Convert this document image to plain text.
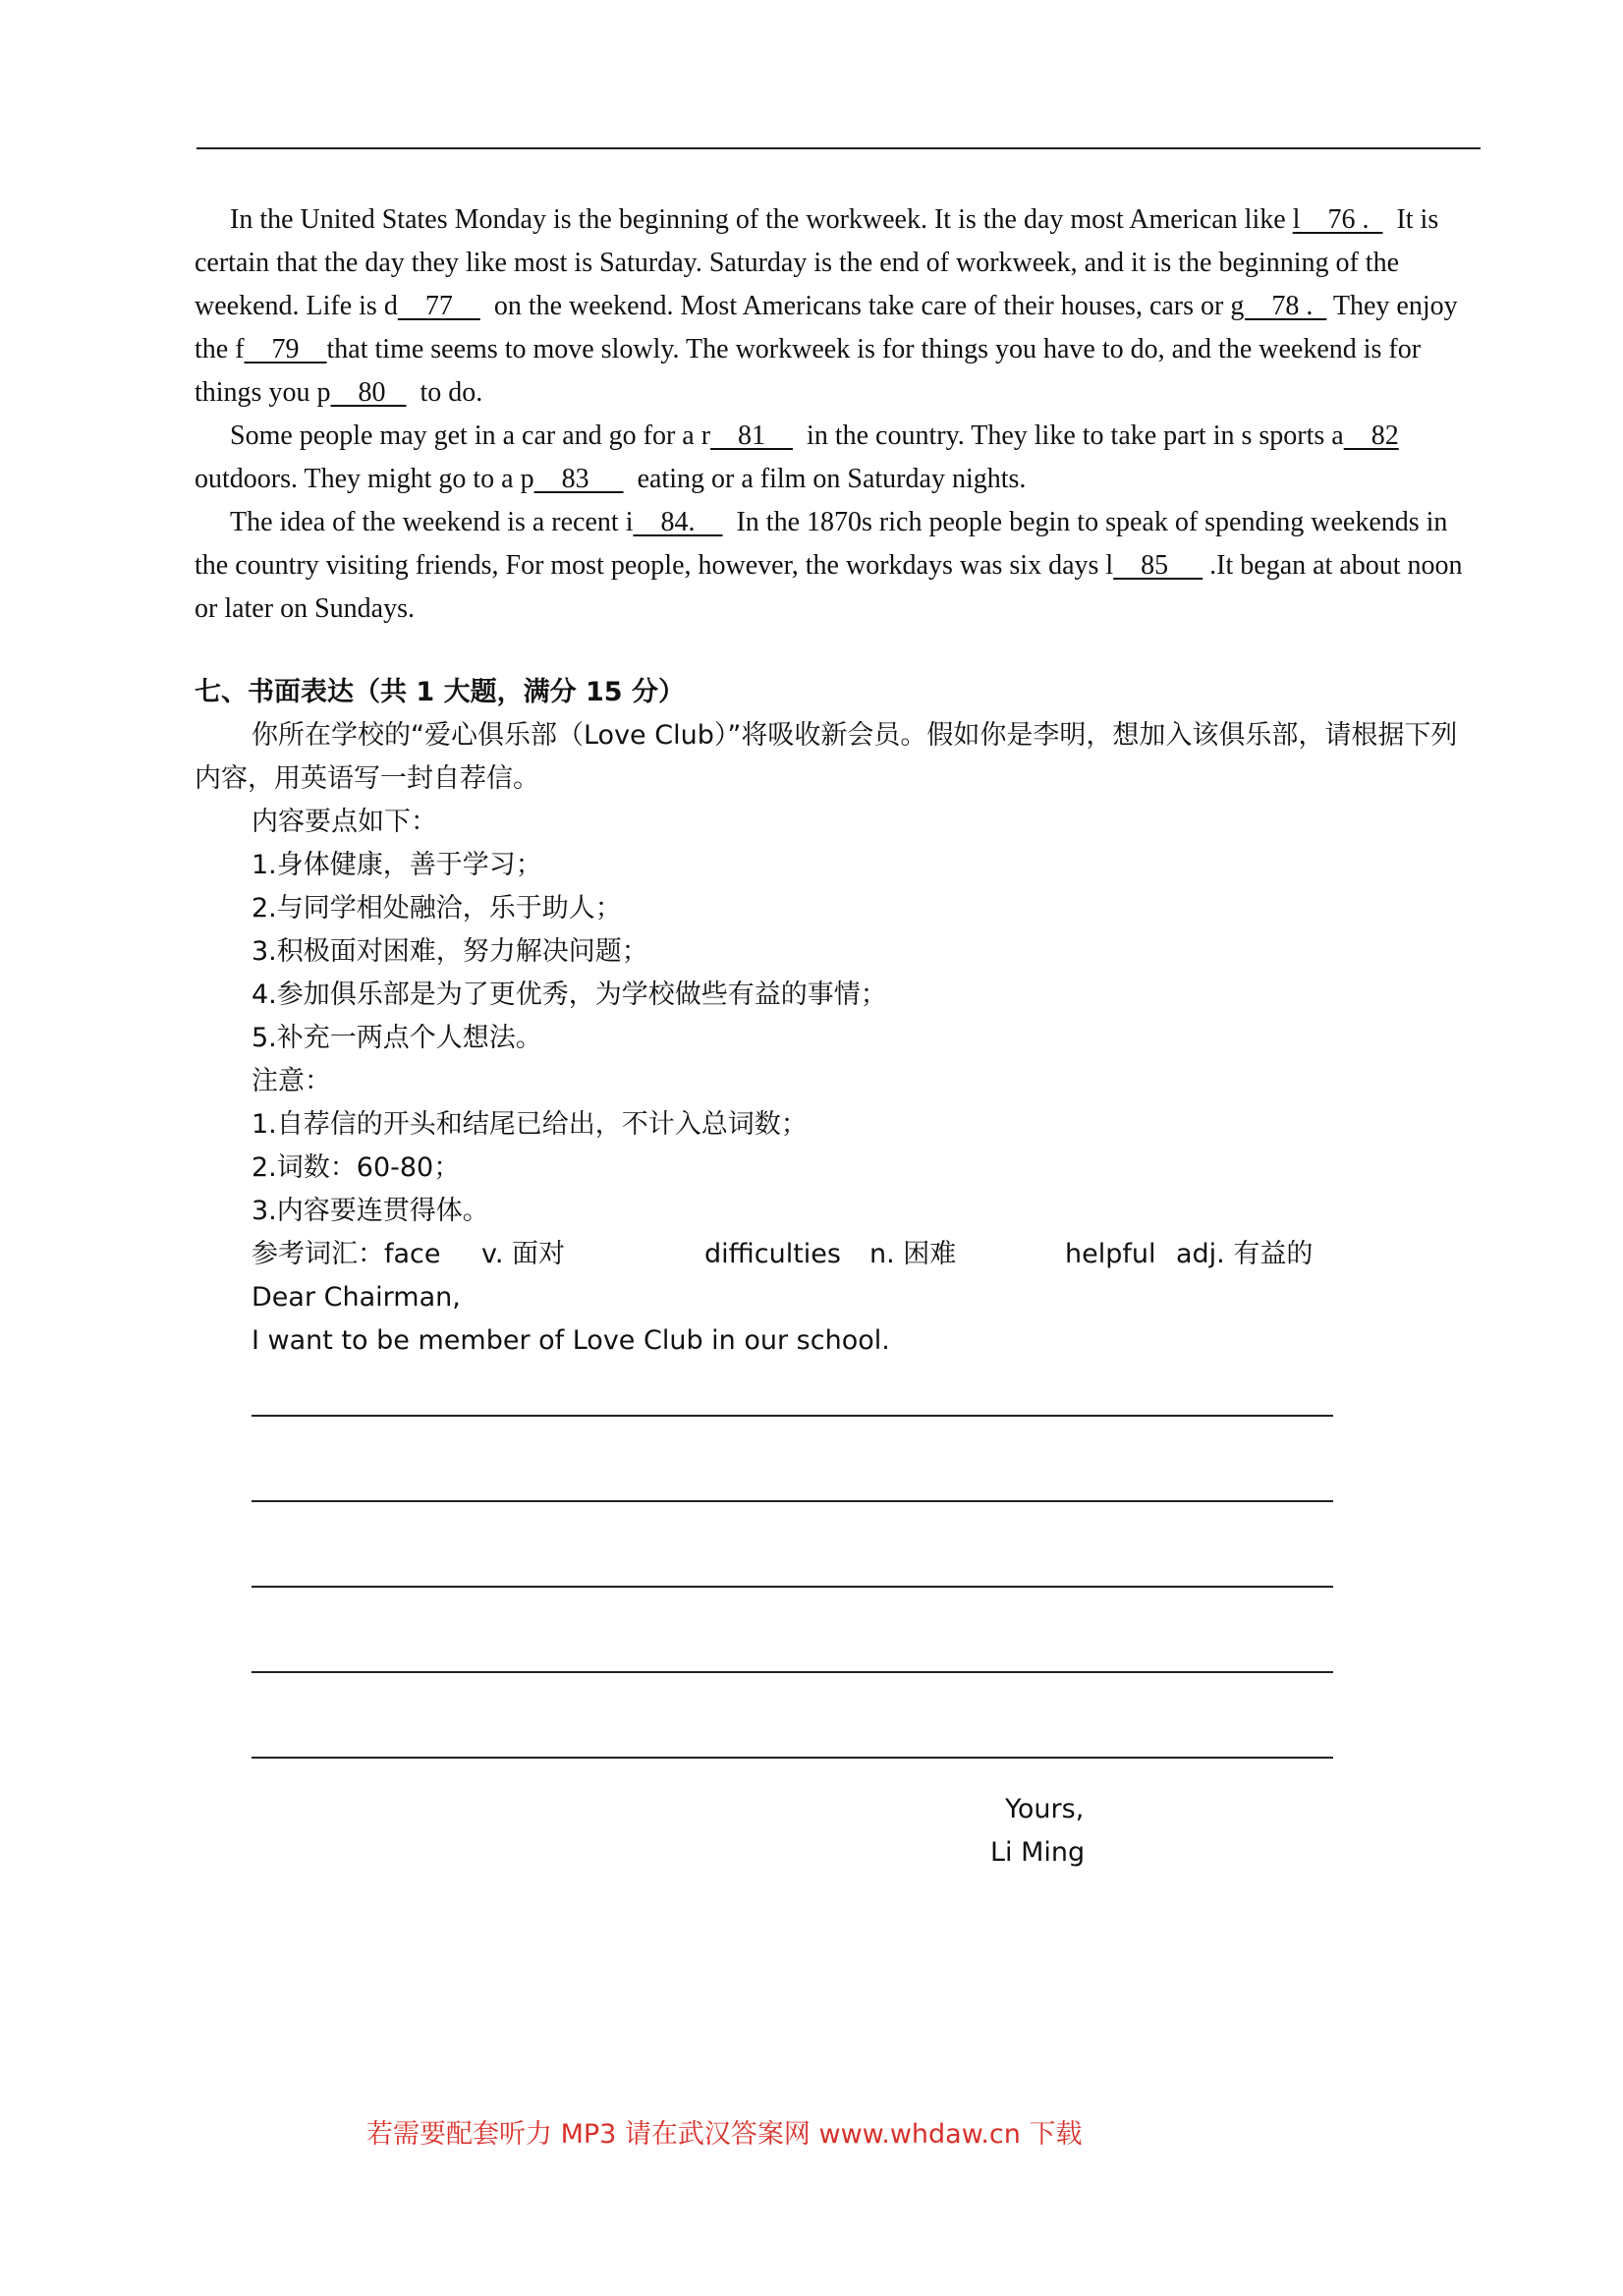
In the United States Monday is the beginning of the workweek. It is the day most American like l    76 .    It is certain that the day they like most is Saturday. Saturday is the end of workweek, and it is the beginning of the weekend. Life is d    77      on the weekend. Most Americans take care of their houses, cars or g    78 .   They enjoy the f    79    that time seems to move slowly. The workweek is for things you have to do, and the weekend is for things you p    80     to do.

Some people may get in a car and go for a r    81      in the country. They like to take part in s sports a    82 outdoors. They might go to a p    83       eating or a film on Saturday nights.

The idea of the weekend is a recent i    84.      In the 1870s rich people begin to speak of spending weekends in the country visiting friends, For most people, however, the workdays was six days l    85      .It began at about noon or later on Sundays.

七、书面表达（共 1 大题，满分 15 分）

你所在学校的“爱心俱乐部（Love Club）”将吸收新会员。假如你是李明，想加入该俱乐部，请根据下列内容，用英语写一封自荐信。

内容要点如下：
1.身体健康，善于学习；
2.与同学相处融洽，乐于助人；
3.积极面对困难，努力解决问题；
4.参加俱乐部是为了更优秀，为学校做些有益的事情；
5.补充一两点个人想法。
注意：
1.自荐信的开头和结尾已给出，不计入总词数；
2.词数：60-80；
3.内容要连贯得体。
参考词汇：face v. 面对	difficulties n. 困难	helpful adj. 有益的
Dear Chairman,
I want to be member of Love Club in our school.
Yours,
Li Ming
若需要配套听力 MP3 请在武汉答案网 www.whdaw.cn 下载
